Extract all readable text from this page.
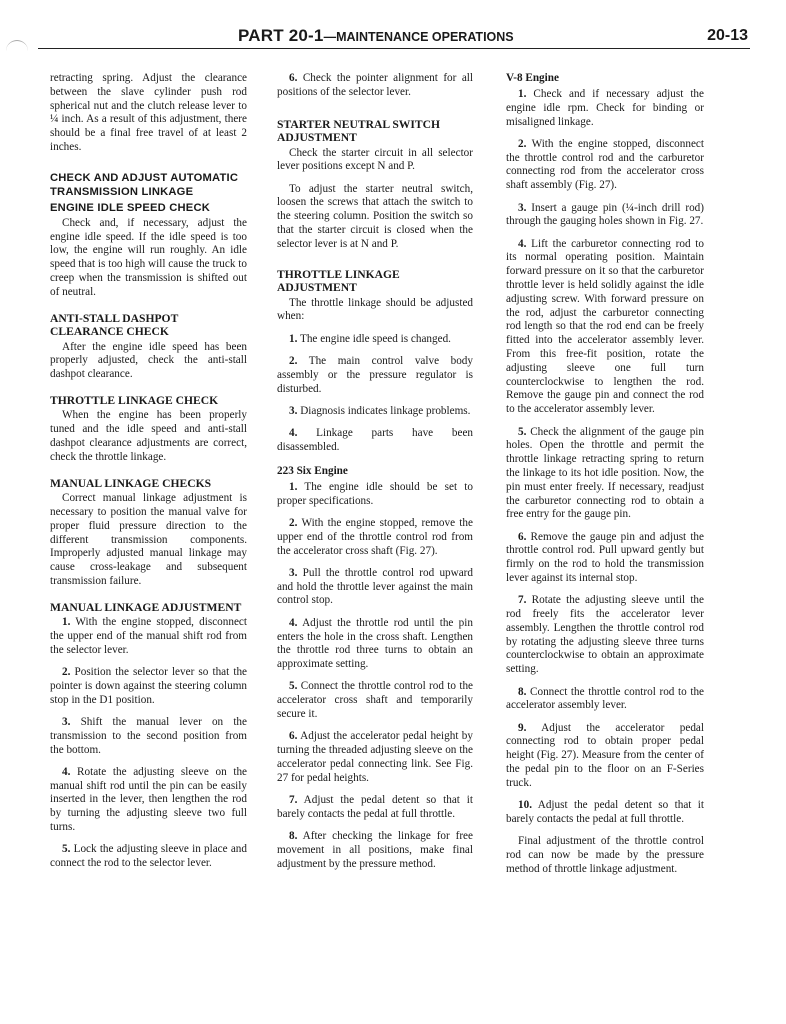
PART 20-1—MAINTENANCE OPERATIONS	20-13

retracting spring. Adjust the clearance between the slave cylinder push rod spherical nut and the clutch release lever to ¼ inch. As a result of this adjustment, there should be a final free travel of at least 2 inches.

CHECK AND ADJUST AUTOMATIC TRANSMISSION LINKAGE
ENGINE IDLE SPEED CHECK

Check and, if necessary, adjust the engine idle speed. If the idle speed is too low, the engine will run roughly. An idle speed that is too high will cause the truck to creep when the transmission is shifted out of neutral.

ANTI-STALL DASHPOT CLEARANCE CHECK

After the engine idle speed has been properly adjusted, check the anti-stall dashpot clearance.

THROTTLE LINKAGE CHECK

When the engine has been properly tuned and the idle speed and anti-stall dashpot clearance adjustments are correct, check the throttle linkage.

MANUAL LINKAGE CHECKS

Correct manual linkage adjustment is necessary to position the manual valve for proper fluid pressure direction to the different transmission components. Improperly adjusted manual linkage may cause cross-leakage and subsequent transmission failure.

MANUAL LINKAGE ADJUSTMENT

1. With the engine stopped, disconnect the upper end of the manual shift rod from the selector lever.

2. Position the selector lever so that the pointer is down against the steering column stop in the D1 position.

3. Shift the manual lever on the transmission to the second position from the bottom.

4. Rotate the adjusting sleeve on the manual shift rod until the pin can be easily inserted in the lever, then lengthen the rod by turning the adjusting sleeve two full turns.

5. Lock the adjusting sleeve in place and connect the rod to the selector lever.

6. Check the pointer alignment for all positions of the selector lever.

STARTER NEUTRAL SWITCH ADJUSTMENT

Check the starter circuit in all selector lever positions except N and P.

To adjust the starter neutral switch, loosen the screws that attach the switch to the steering column. Position the switch so that the starter circuit is closed when the selector lever is at N and P.

THROTTLE LINKAGE ADJUSTMENT

The throttle linkage should be adjusted when:

1. The engine idle speed is changed.

2. The main control valve body assembly or the pressure regulator is disturbed.

3. Diagnosis indicates linkage problems.

4. Linkage parts have been disassembled.

223 Six Engine

1. The engine idle should be set to proper specifications.

2. With the engine stopped, remove the upper end of the throttle control rod from the accelerator cross shaft (Fig. 27).

3. Pull the throttle control rod upward and hold the throttle lever against the main control stop.

4. Adjust the throttle rod until the pin enters the hole in the cross shaft. Lengthen the throttle rod three turns to obtain an approximate setting.

5. Connect the throttle control rod to the accelerator cross shaft and temporarily secure it.

6. Adjust the accelerator pedal height by turning the threaded adjusting sleeve on the accelerator pedal connecting link. See Fig. 27 for pedal heights.

7. Adjust the pedal detent so that it barely contacts the pedal at full throttle.

8. After checking the linkage for free movement in all positions, make final adjustment by the pressure method.

V-8 Engine

1. Check and if necessary adjust the engine idle rpm. Check for binding or misaligned linkage.

2. With the engine stopped, disconnect the throttle control rod and the carburetor connecting rod from the accelerator cross shaft assembly (Fig. 27).

3. Insert a gauge pin (¼-inch drill rod) through the gauging holes shown in Fig. 27.

4. Lift the carburetor connecting rod to its normal operating position. Maintain forward pressure on it so that the carburetor throttle lever is held solidly against the idle adjusting screw. With forward pressure on the rod, adjust the carburetor connecting rod length so that the rod end can be freely fitted into the accelerator assembly lever. From this free-fit position, rotate the adjusting sleeve one full turn counterclockwise to lengthen the rod. Remove the gauge pin and connect the rod to the accelerator assembly lever.

5. Check the alignment of the gauge pin holes. Open the throttle and permit the throttle linkage retracting spring to return the linkage to its hot idle position. Now, the pin must enter freely. If necessary, readjust the carburetor connecting rod to obtain a free entry for the gauge pin.

6. Remove the gauge pin and adjust the throttle control rod. Pull upward gently but firmly on the rod to hold the transmission lever against its internal stop.

7. Rotate the adjusting sleeve until the rod freely fits the accelerator lever assembly. Lengthen the throttle control rod by rotating the adjusting sleeve three turns counterclockwise to obtain an approximate setting.

8. Connect the throttle control rod to the accelerator assembly lever.

9. Adjust the accelerator pedal connecting rod to obtain proper pedal height (Fig. 27). Measure from the center of the pedal pin to the floor on an F-Series truck.

10. Adjust the pedal detent so that it barely contacts the pedal at full throttle.

Final adjustment of the throttle control rod can now be made by the pressure method of throttle linkage adjustment.
